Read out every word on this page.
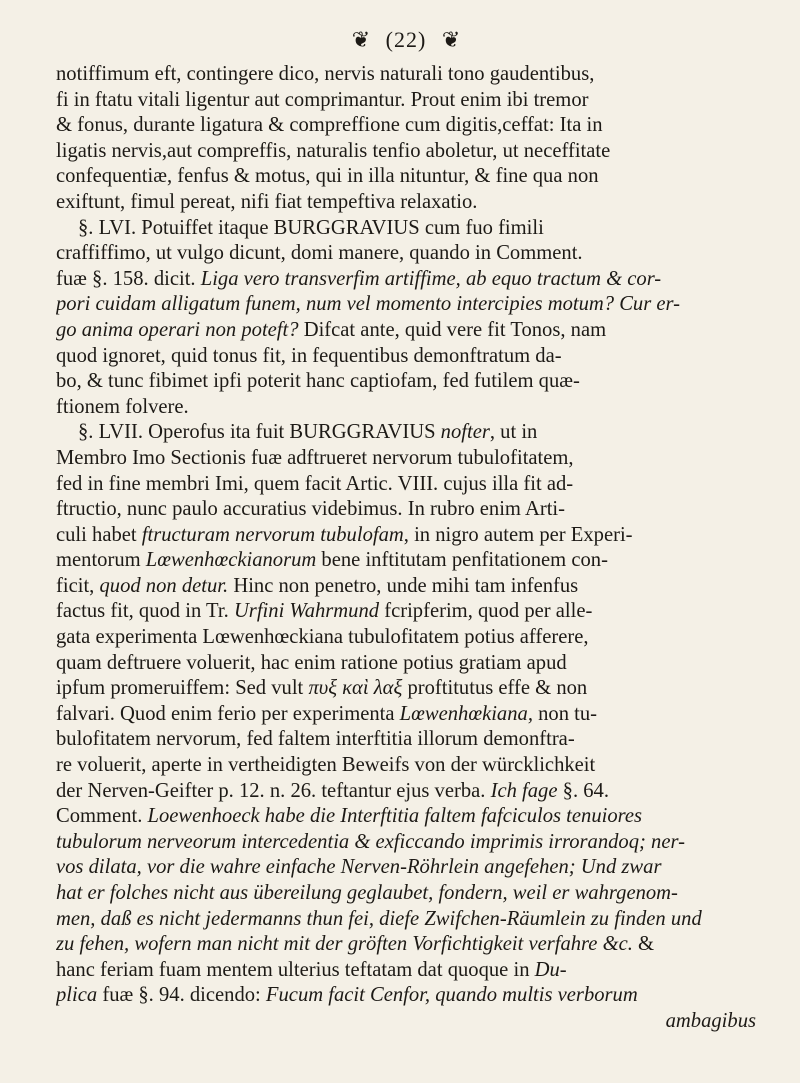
❦ (22) ❦
notiffimum eft, contingere dico, nervis naturali tono gaudentibus,
fi in ftatu vitali ligentur aut comprimantur. Prout enim ibi tremor
& fonus, durante ligatura & compreffione cum digitis,ceffat: Ita in
ligatis nervis,aut compreffis, naturalis tenfio aboletur, ut neceffitate
confequentiæ, fenfus & motus, qui in illa nituntur, & fine qua non
exiftunt, fimul pereat, nifi fiat tempeftiva relaxatio.
§. LVI. Potuiffet itaque BURGGRAVIUS cum fuo fimili
craffiffimo, ut vulgo dicunt, domi manere, quando in Comment.
fuæ §. 158. dicit. Liga vero transverfim artiffime, ab equo tractum & cor-
pori cuidam alligatum funem, num vel momento intercipies motum? Cur er-
go anima operari non poteft? Difcat ante, quid vere fit Tonos, nam
quod ignoret, quid tonus fit, in fequentibus demonftratum da-
bo, & tunc fibimet ipfi poterit hanc captiofam, fed futilem quæ-
ftionem folvere.
§. LVII. Operofus ita fuit BURGGRAVIUS nofter, ut in
Membro Imo Sectionis fuæ adftrueret nervorum tubulofitatem,
fed in fine membri Imi, quem facit Artic. VIII. cujus illa fit ad-
ftructio, nunc paulo accuratius videbimus. In rubro enim Arti-
culi habet ftructuram nervorum tubulofam, in nigro autem per Experi-
mentorum Lœwenhœckianorum bene inftitutam penfitationem con-
ficit, quod non detur. Hinc non penetro, unde mihi tam infenfus
factus fit, quod in Tr. Urfini Wahrmund fcripferim, quod per alle-
gata experimenta Lœwenhœckiana tubulofitatem potius afferere,
quam deftruere voluerit, hac enim ratione potius gratiam apud
ipfum promeruiffem: Sed vult πυξ καὶ λαξ proftitutus effe & non
falvari. Quod enim ferio per experimenta Lœwenhœkiana, non tu-
bulofitatem nervorum, fed faltem interftitia illorum demonftra-
re voluerit, aperte in vertheidigten Beweifs von der würcklichkeit
der Nerven-Geifter p. 12. n. 26. teftantur ejus verba. Ich fage §. 64.
Comment. Loewenhoeck habe die Interftitia faltem fafciculos tenuiores
tubulorum nerveorum intercedentia & exficcando imprimis irrorandoq; ner-
vos dilata, vor die wahre einfache Nerven-Röhrlein angefehen; Und zwar
hat er folches nicht aus übereilung geglaubet, fondern, weil er wahrgenom-
men, daß es nicht jedermanns thun fei, diefe Zwifchen-Räumlein zu finden und
zu fehen, wofern man nicht mit der gröften Vorfichtigkeit verfahre &c. &
hanc feriam fuam mentem ulterius teftatam dat quoque in Du-
plica fuæ §. 94. dicendo: Fucum facit Cenfor, quando multis verborum
ambagibus
